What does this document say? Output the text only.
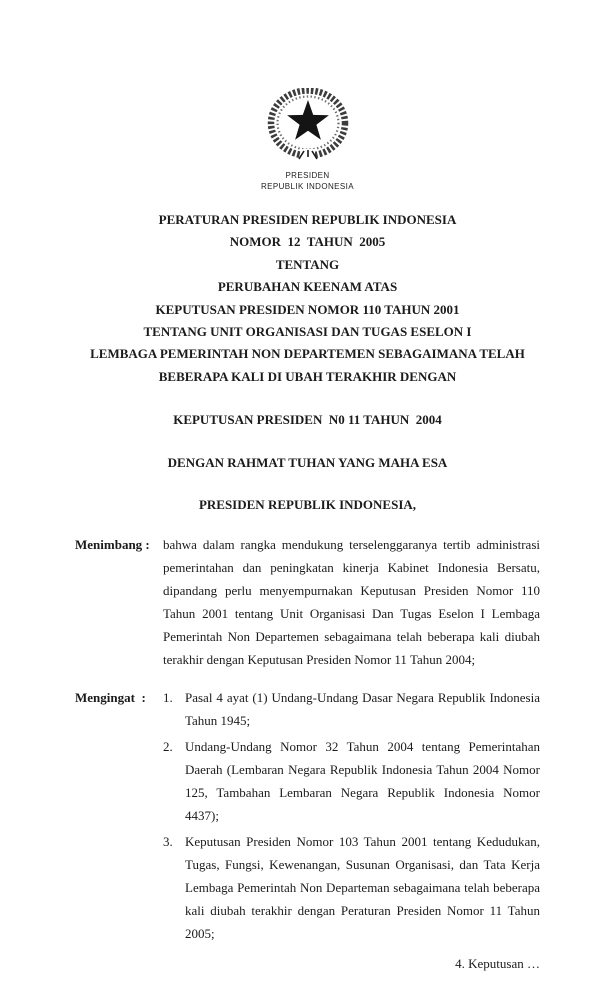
PRESIDEN
REPUBLIK INDONESIA
PERATURAN PRESIDEN REPUBLIK INDONESIA
NOMOR  12  TAHUN  2005
TENTANG
PERUBAHAN KEENAM ATAS
KEPUTUSAN PRESIDEN NOMOR 110 TAHUN 2001
TENTANG UNIT ORGANISASI DAN TUGAS ESELON I
LEMBAGA PEMERINTAH NON DEPARTEMEN SEBAGAIMANA TELAH
BEBERAPA KALI DI UBAH TERAKHIR DENGAN
KEPUTUSAN PRESIDEN  N0 11 TAHUN  2004
DENGAN RAHMAT TUHAN YANG MAHA ESA
PRESIDEN REPUBLIK INDONESIA,
Menimbang :	bahwa dalam rangka mendukung terselenggaranya tertib administrasi pemerintahan dan peningkatan kinerja Kabinet Indonesia Bersatu, dipandang perlu menyempurnakan Keputusan Presiden Nomor 110 Tahun 2001 tentang Unit Organisasi Dan Tugas Eselon I Lembaga Pemerintah Non Departemen sebagaimana telah beberapa kali diubah terakhir dengan Keputusan Presiden Nomor 11 Tahun 2004;
Mengingat  :	1. Pasal 4 ayat (1) Undang-Undang Dasar Negara Republik Indonesia Tahun 1945;
2. Undang-Undang Nomor 32 Tahun 2004 tentang Pemerintahan Daerah (Lembaran Negara Republik Indonesia Tahun 2004 Nomor 125, Tambahan Lembaran Negara Republik Indonesia Nomor 4437);
3. Keputusan Presiden Nomor 103 Tahun 2001 tentang Kedudukan, Tugas, Fungsi, Kewenangan, Susunan Organisasi, dan Tata Kerja Lembaga Pemerintah Non Departeman sebagaimana telah beberapa kali diubah terakhir dengan Peraturan Presiden Nomor 11 Tahun 2005;
4. Keputusan …
